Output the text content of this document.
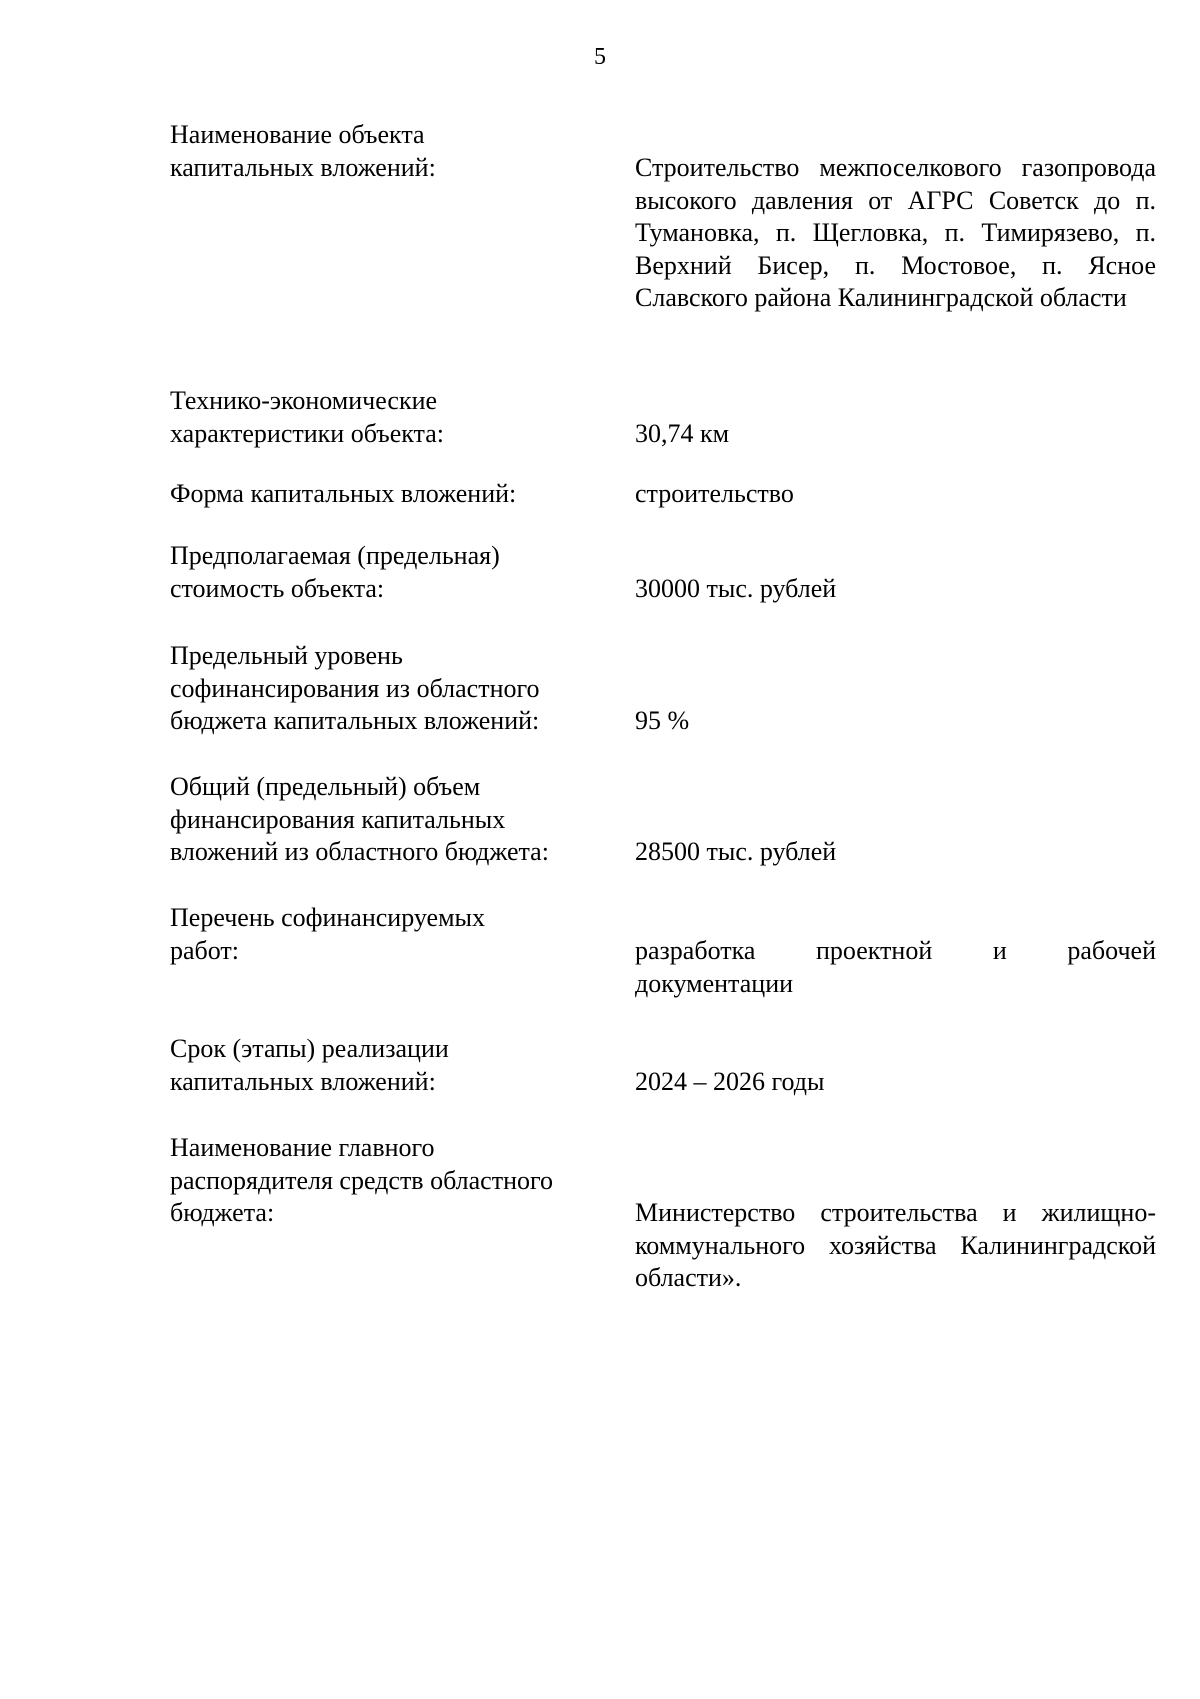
5
Наименование объекта
капитальных вложений:	Строительство межпоселкового газопровода высокого давления от АГРС Советск до п. Тумановка, п. Щегловка, п. Тимирязево, п. Верхний Бисер, п. Мостовое, п. Ясное Славского района Калининградской области
Технико-экономические
характеристики объекта:	30,74 км
Форма капитальных вложений:	строительство
Предполагаемая (предельная)
стоимость объекта:	30000 тыс. рублей
Предельный уровень
софинансирования из областного
бюджета капитальных вложений:	95 %
Общий (предельный) объем
финансирования капитальных
вложений из областного бюджета:	28500 тыс. рублей
Перечень софинансируемых
работ:	разработка проектной и рабочей документации
Срок (этапы) реализации
капитальных вложений:	2024 – 2026 годы
Наименование главного
распорядителя средств областного
бюджета:	Министерство строительства и жилищно-коммунального хозяйства Калининградской области».
